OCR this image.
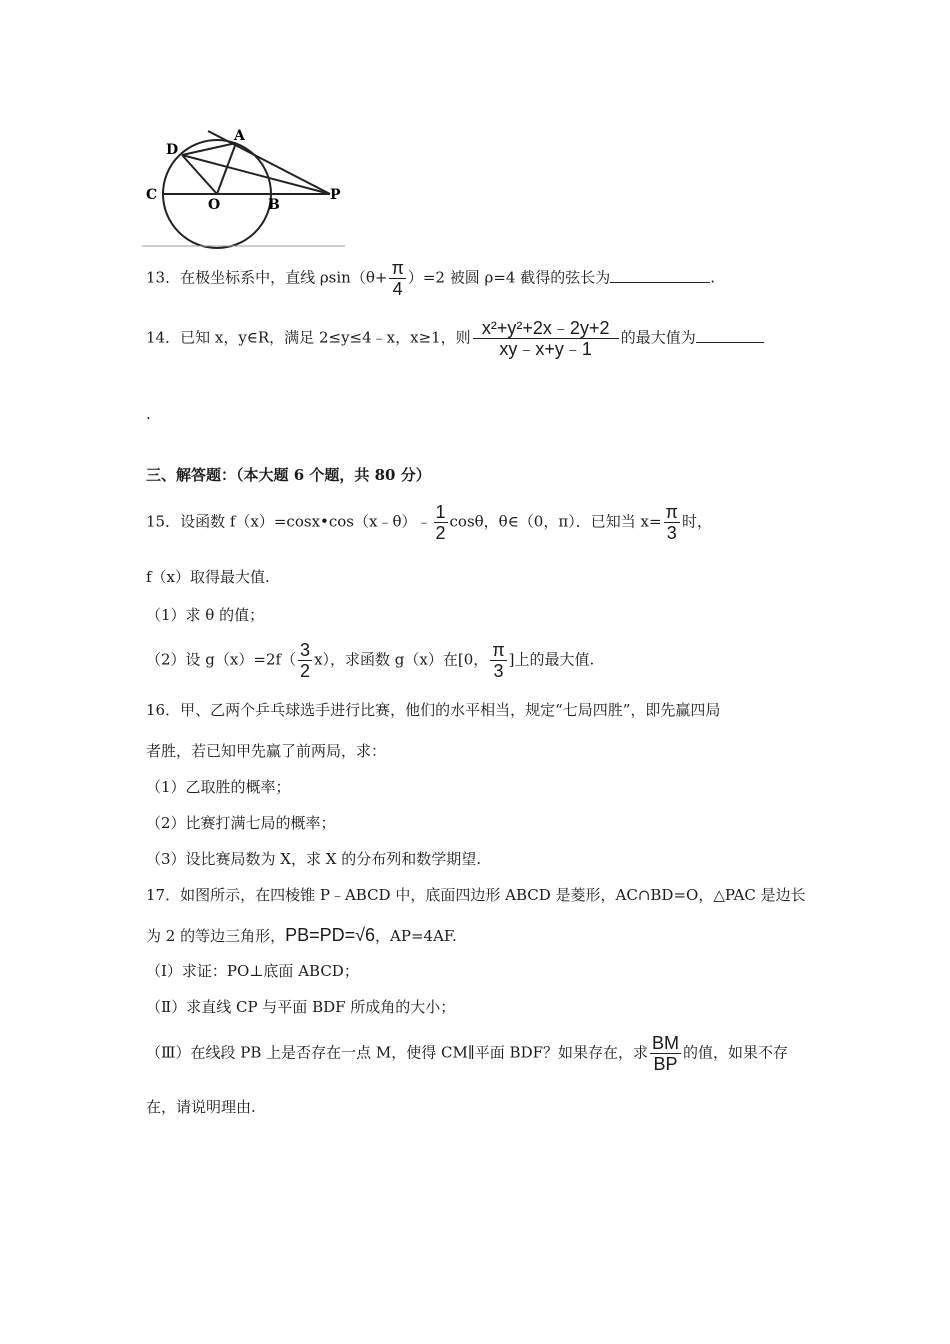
D
A
C
O	B
P
13．在极坐标系中，直线 $\rho\sin(\theta+ \frac{\pi}{4} )=2$ 被圆 ρ=4 截得的弦长为	.
14．已知 x，y∈R，满足 2≤y≤4﹣x，x≥1，则 $\frac{\text{x²+y²+2x﹣2y+2}}{xy﹣x+y﹣1}$ 的最大值为
.
三、解答题：（本大题 6 个题，共 80 分）
15．设函数 f（x）=cosx•cos（x﹣θ）﹣ $\frac{1}{2}$ cosθ，θ∈（0，π）．已知当 $x= \frac{\pi}{3}$ 时，
f（x）取得最大值.
（1）求 θ 的值；
（2）设 $g(x)=2f( \frac{3}{2} x)$，求函数 g（x）在[0， $\frac{\pi}{3}$ ]上的最大值.
16．甲、乙两个乒乓球选手进行比赛，他们的水平相当，规定“七局四胜”，即先赢四局
者胜，若已知甲先赢了前两局，求：
（1）乙取胜的概率；
（2）比赛打满七局的概率；
（3）设比赛局数为 X，求 X 的分布列和数学期望.
17．如图所示，在四棱锥 P﹣ABCD 中，底面四边形 ABCD 是菱形，AC∩BD=O，△PAC 是边长
为 2 的等边三角形，PB=PD=√6，AP=4AF.
（Ⅰ）求证：PO⊥底面 ABCD；
（Ⅱ）求直线 CP 与平面 BDF 所成角的大小；
（Ⅲ）在线段 PB 上是否存在一点 M，使得 CM∥平面 BDF？如果存在，求 $\frac{BM}{BP}$ 的值，如果不存
在，请说明理由.
